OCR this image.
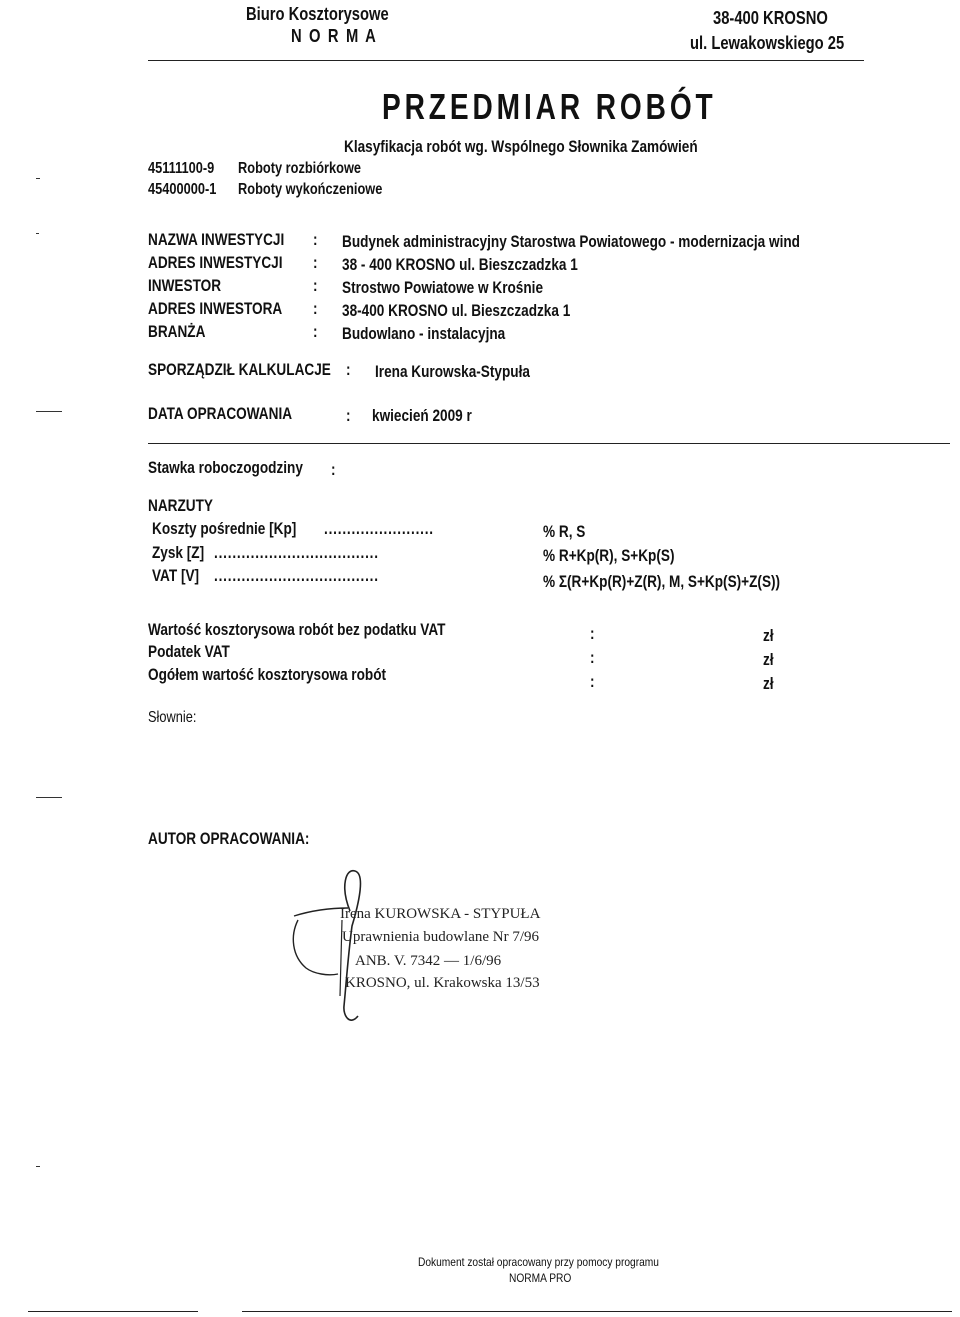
Biuro Kosztorysowe
N O R M A
38-400 KROSNO
ul. Lewakowskiego 25
PRZEDMIAR ROBÓT
Klasyfikacja robót wg. Wspólnego Słownika Zamówień
45111100-9 Roboty rozbiórkowe
45400000-1 Roboty wykończeniowe
NAZWA INWESTYCJI : Budynek administracyjny Starostwa Powiatowego - modernizacja wind
ADRES INWESTYCJI : 38 - 400 KROSNO ul. Bieszczadzka 1
INWESTOR	: Strostwo Powiatowe w Krośnie
ADRES INWESTORA : 38-400 KROSNO ul. Bieszczadzka 1
BRANŻA	: Budowlano - instalacyjna
SPORZĄDZIŁ KALKULACJE : Irena Kurowska-Stypuła
DATA OPRACOWANIA	: kwiecień 2009 r
Stawka roboczogodziny :
NARZUTY
Koszty pośrednie [Kp] ........................	% R, S
Zysk [Z] ....................................	% R+Kp(R), S+Kp(S)
VAT [V] ....................................	% Σ(R+Kp(R)+Z(R), M, S+Kp(S)+Z(S))
Wartość kosztorysowa robót bez podatku VAT	:	zł
Podatek VAT	:	zł
Ogółem wartość kosztorysowa robót	:	zł
Słownie:
AUTOR OPRACOWANIA:
Irena KUROWSKA - STYPUŁA
Uprawnienia budowlane Nr 7/96
ANB. V. 7342 — 1/6/96
KROSNO, ul. Krakowska 13/53
Dokument został opracowany przy pomocy programu
NORMA PRO
